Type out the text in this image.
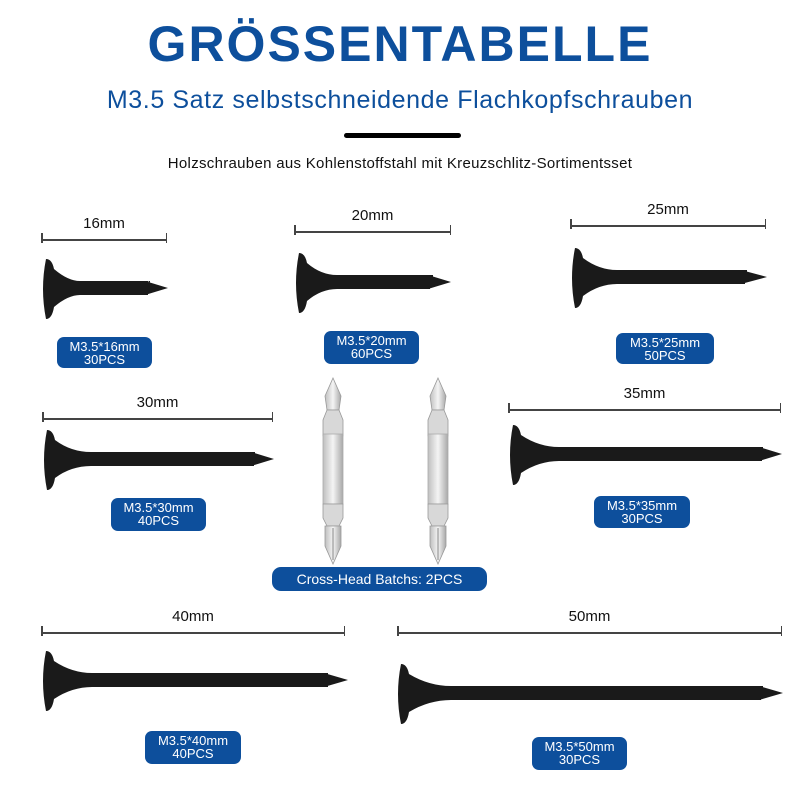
GRÖSSENTABELLE
M3.5 Satz selbstschneidende Flachkopfschrauben
Holzschrauben aus Kohlenstoffstahl mit Kreuzschlitz-Sortimentsset
16mm
M3.5*16mm
30PCS
20mm
M3.5*20mm
60PCS
25mm
M3.5*25mm
50PCS
30mm
M3.5*30mm
40PCS
Cross-Head Batchs: 2PCS
35mm
M3.5*35mm
30PCS
40mm
M3.5*40mm
40PCS
50mm
M3.5*50mm
30PCS
